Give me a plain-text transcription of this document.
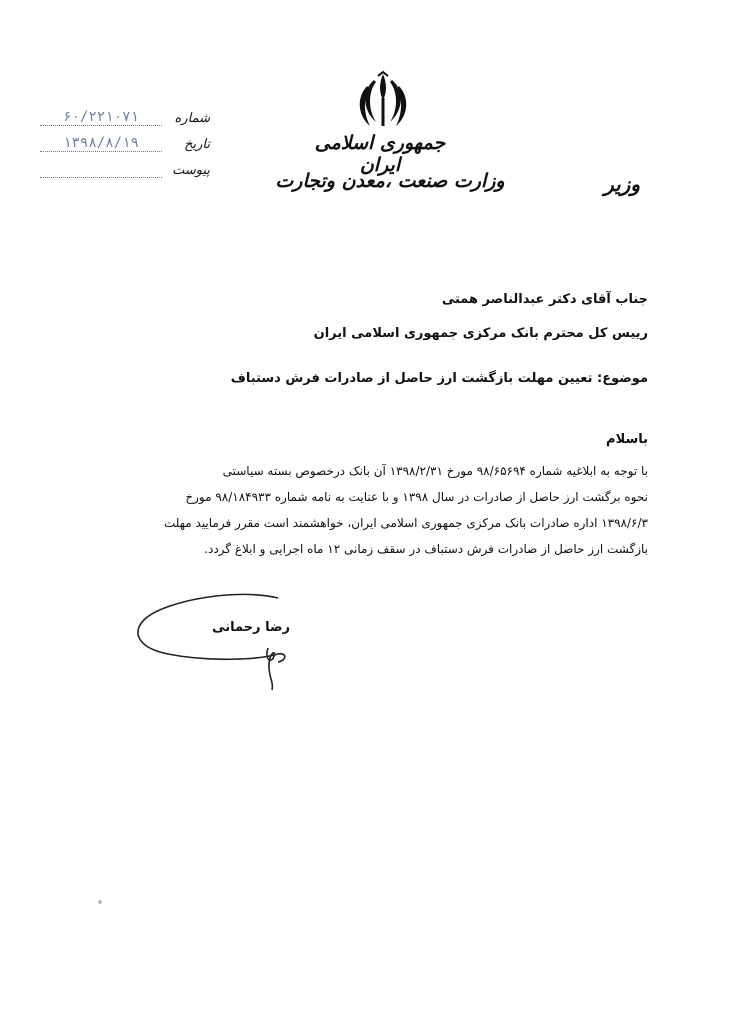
شماره
۶۰/۲۲۱۰۷۱
تاریخ
۱۳۹۸/۸/۱۹
پیوست
جمهوری اسلامی ایران
وزارت صنعت ،معدن وتجارت	وزیر
جناب آقای دکتر عبدالناصر همتی
رییس کل محترم بانک مرکزی جمهوری اسلامی ایران
موضوع: تعیین مهلت بازگشت ارز حاصل از صادرات فرش دستباف
باسلام

با توجه به ابلاغیه شماره ۹۸/۶۵۶۹۴ مورخ ۱۳۹۸/۲/۳۱ آن بانک درخصوص بسته سیاستی

نحوه برگشت ارز حاصل از صادرات در سال ۱۳۹۸ و با عنایت به نامه شماره ۹۸/۱۸۴۹۳۳ مورخ

۱۳۹۸/۶/۳ اداره صادرات بانک مرکزی جمهوری اسلامی ایران، خواهشمند است مقرر فرمایید مهلت

بازگشت ارز حاصل از صادرات فرش دستباف در سقف زمانی ۱۲ ماه اجرایی و ابلاغ گردد.

رضا رحمانی
